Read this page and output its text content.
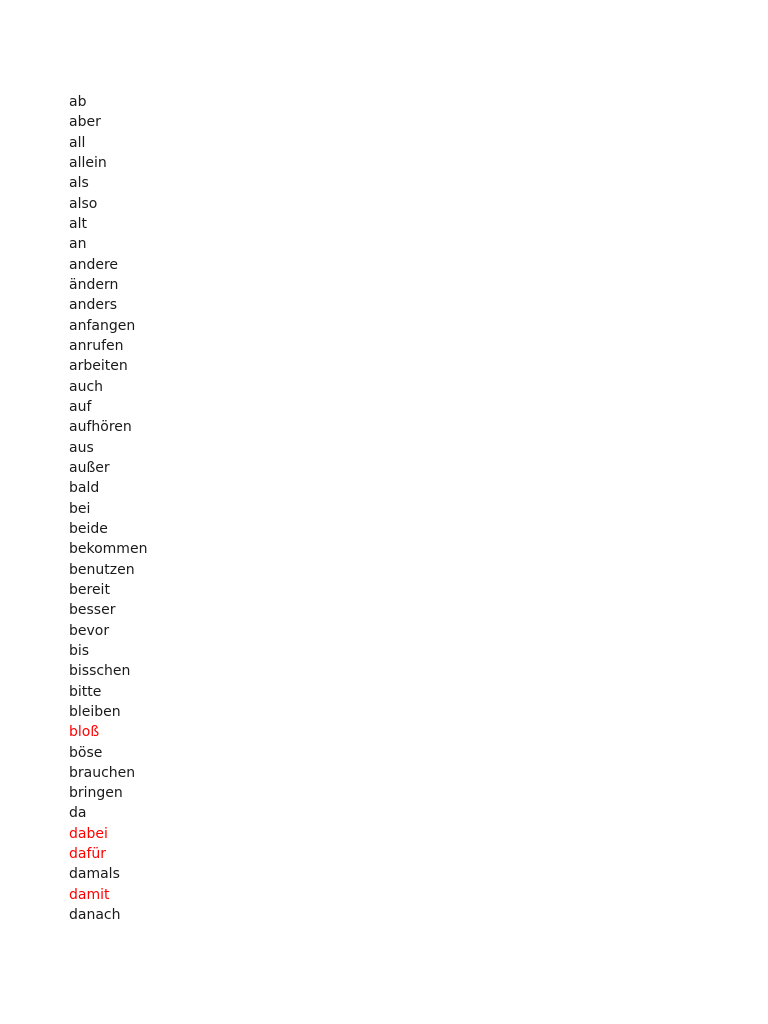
ab
aber
all
allein
als
also
alt
an
andere
ändern
anders
anfangen
anrufen
arbeiten
auch
auf
aufhören
aus
außer
bald
bei
beide
bekommen
benutzen
bereit
besser
bevor
bis
bisschen
bitte
bleiben
bloß
böse
brauchen
bringen
da
dabei
dafür
damals
damit
danach
